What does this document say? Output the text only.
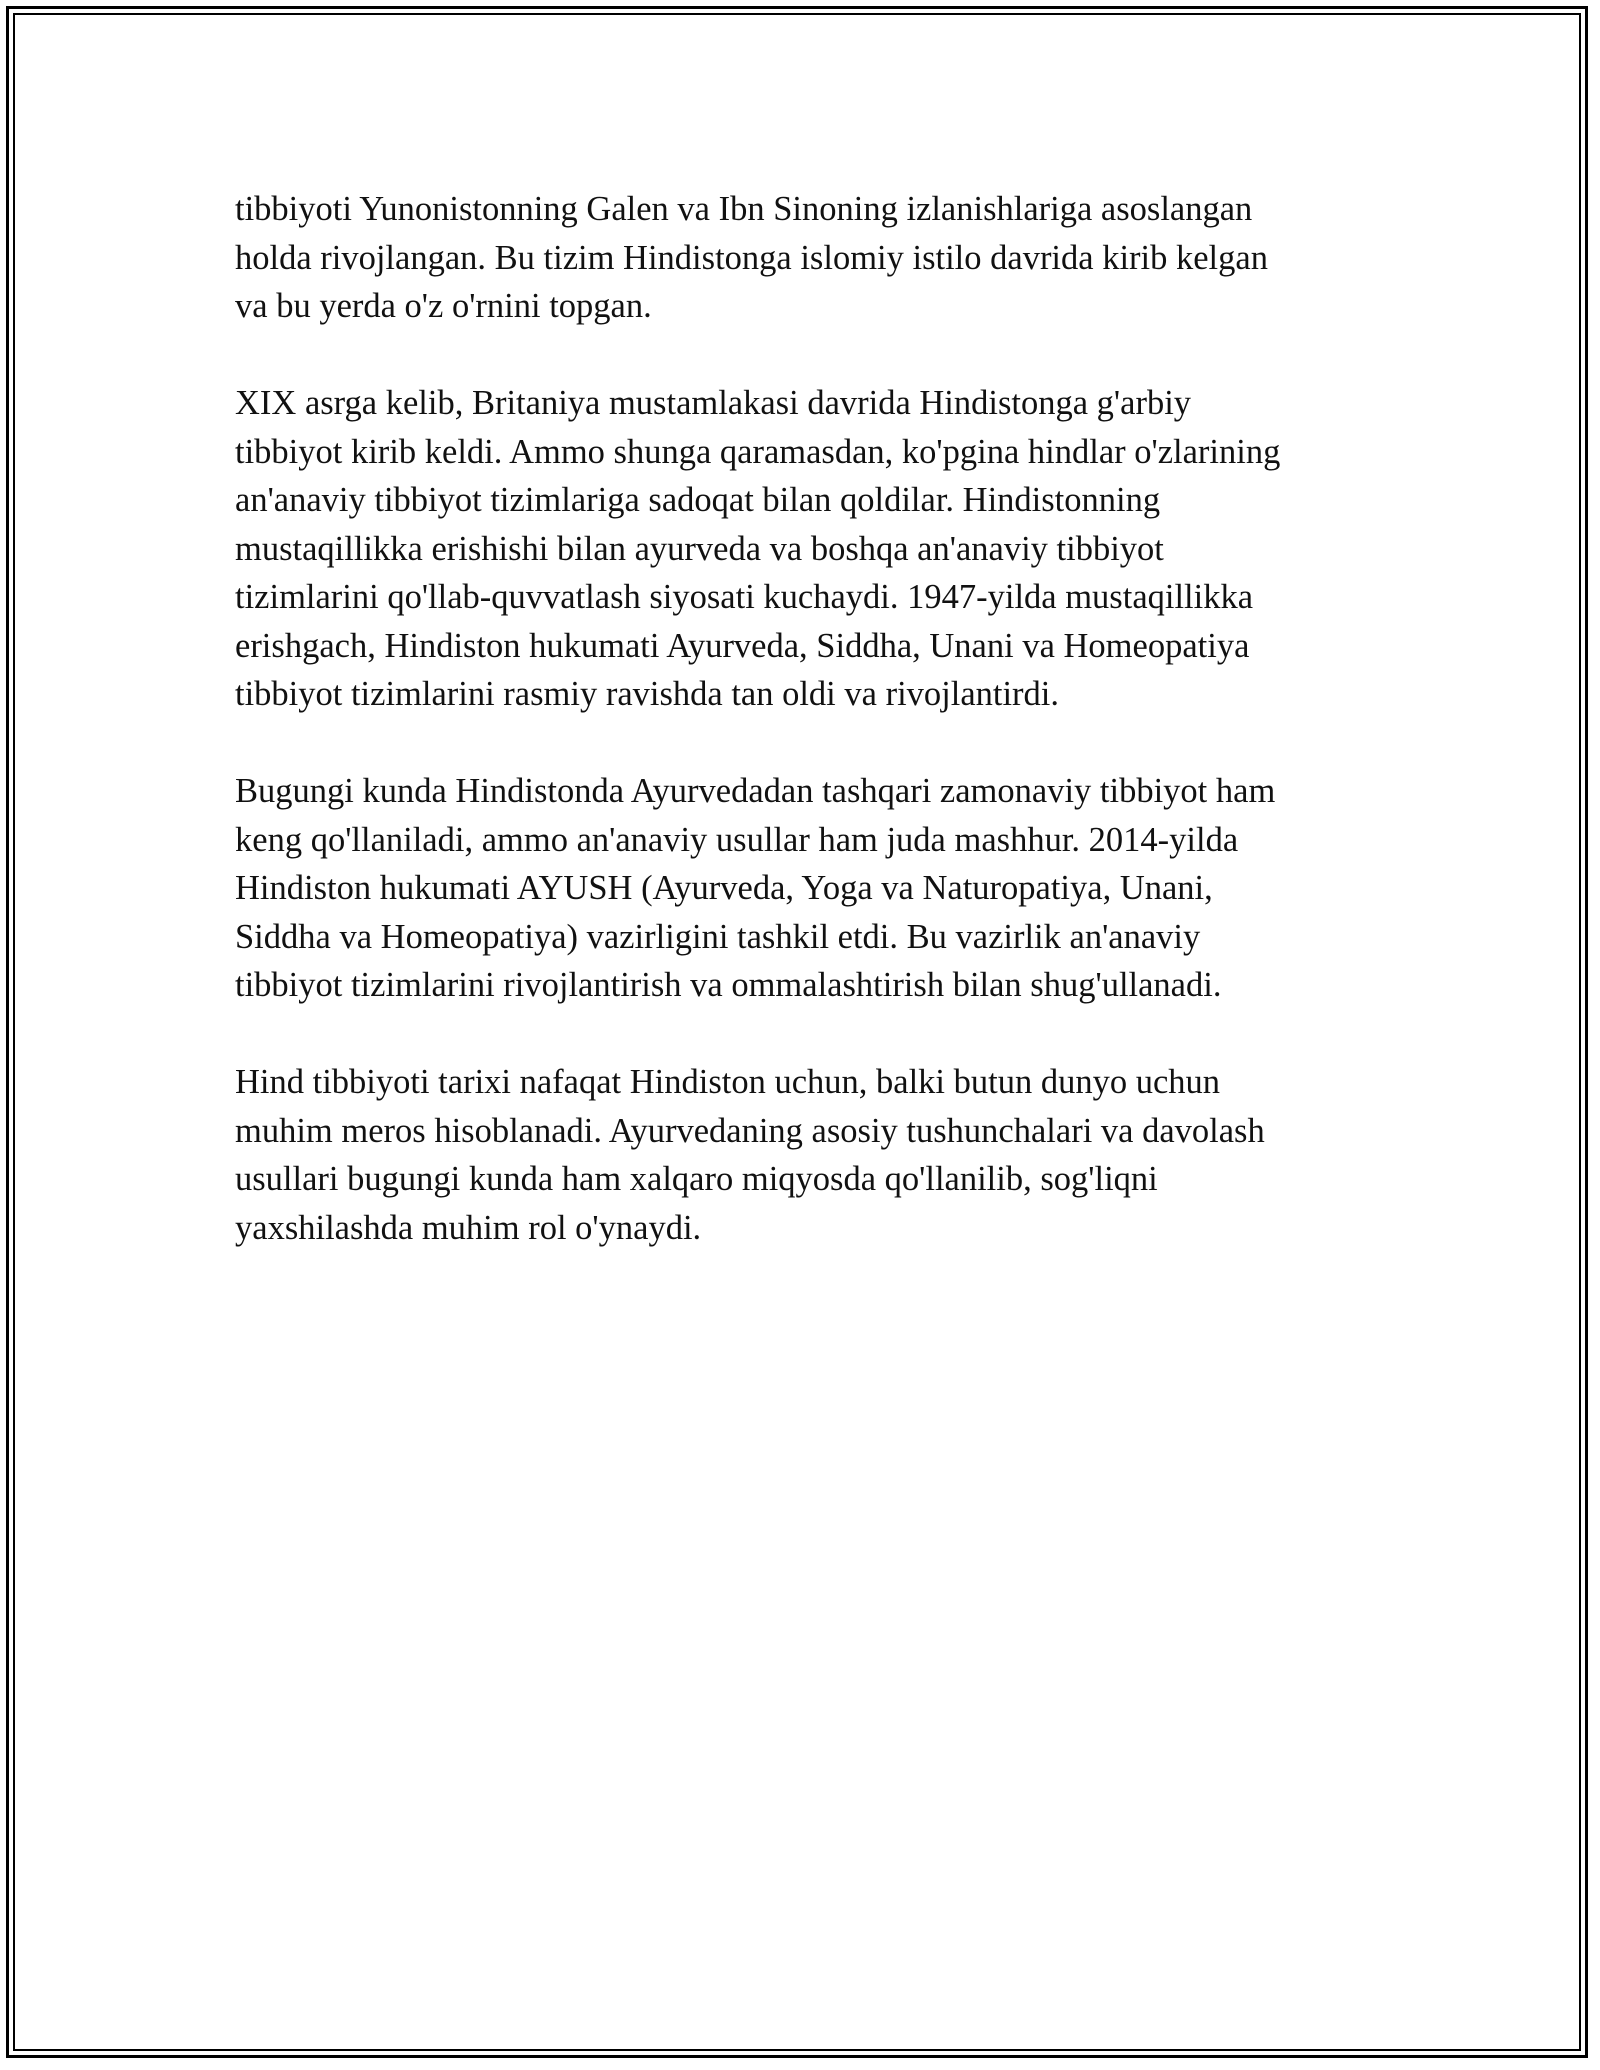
tibbiyoti Yunonistonning Galen va Ibn Sinoning izlanishlariga asoslangan
holda rivojlangan. Bu tizim Hindistonga islomiy istilo davrida kirib kelgan
va bu yerda o'z o'rnini topgan.

XIX asrga kelib, Britaniya mustamlakasi davrida Hindistonga g'arbiy
tibbiyot kirib keldi. Ammo shunga qaramasdan, ko'pgina hindlar o'zlarining
an'anaviy tibbiyot tizimlariga sadoqat bilan qoldilar. Hindistonning
mustaqillikka erishishi bilan ayurveda va boshqa an'anaviy tibbiyot
tizimlarini qo'llab-quvvatlash siyosati kuchaydi. 1947-yilda mustaqillikka
erishgach, Hindiston hukumati Ayurveda, Siddha, Unani va Homeopatiya
tibbiyot tizimlarini rasmiy ravishda tan oldi va rivojlantirdi.

Bugungi kunda Hindistonda Ayurvedadan tashqari zamonaviy tibbiyot ham
keng qo'llaniladi, ammo an'anaviy usullar ham juda mashhur. 2014-yilda
Hindiston hukumati AYUSH (Ayurveda, Yoga va Naturopatiya, Unani,
Siddha va Homeopatiya) vazirligini tashkil etdi. Bu vazirlik an'anaviy
tibbiyot tizimlarini rivojlantirish va ommalashtirish bilan shug'ullanadi.

Hind tibbiyoti tarixi nafaqat Hindiston uchun, balki butun dunyo uchun
muhim meros hisoblanadi. Ayurvedaning asosiy tushunchalari va davolash
usullari bugungi kunda ham xalqaro miqyosda qo'llanilib, sog'liqni
yaxshilashda muhim rol o'ynaydi.
